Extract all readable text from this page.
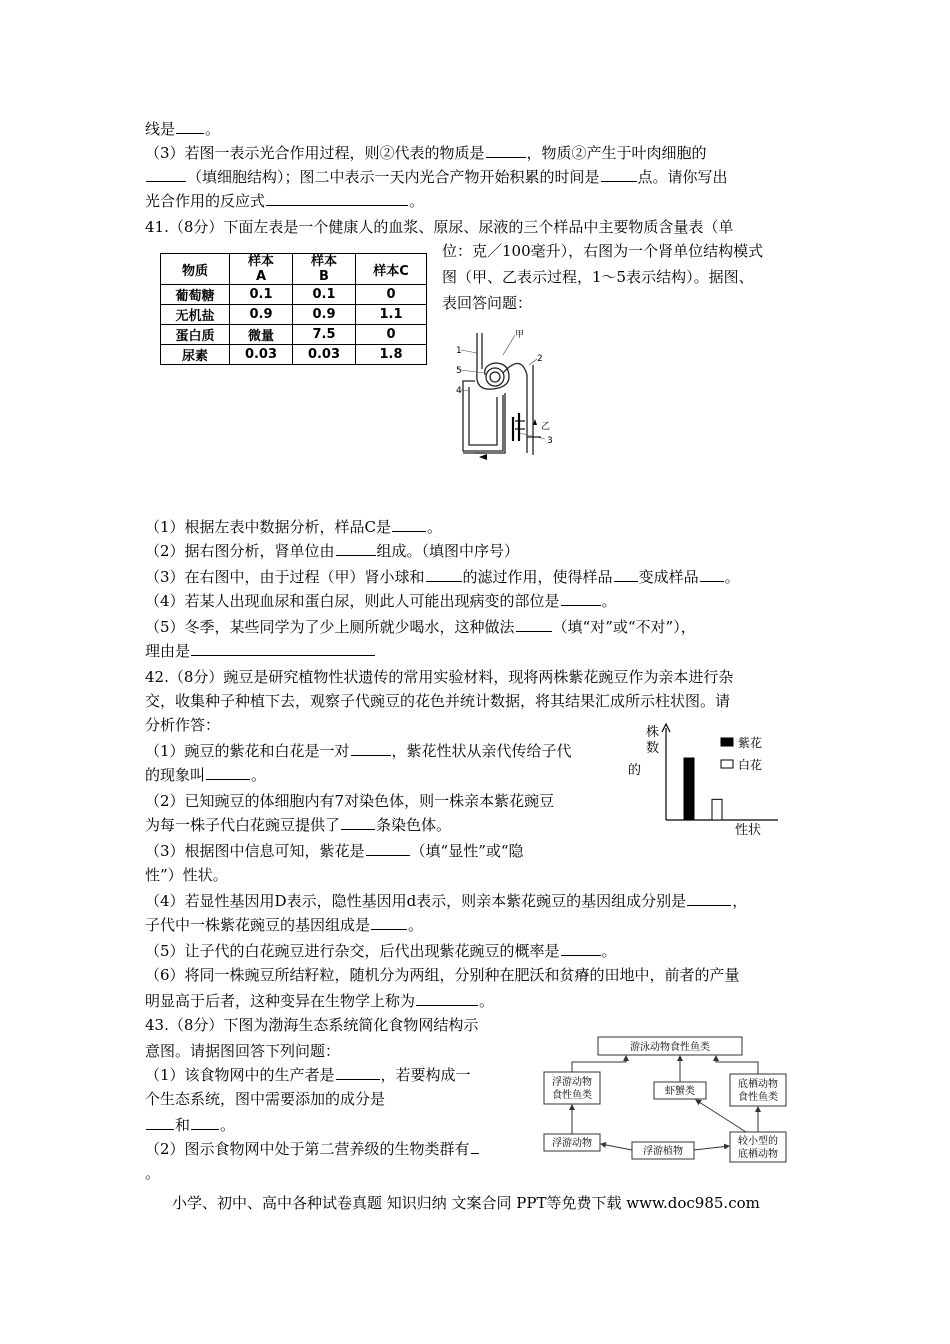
线是 。
（3）若图一表示光合作用过程，则②代表的物质是	，物质②产生于叶肉细胞的
（填细胞结构）；图二中表示一天内光合产物开始积累的时间是	点。请你写出
光合作用的反应式	。
41.（8分）下面左表是一个健康人的血浆、原尿、尿液的三个样品中主要物质含量表（单
位：克／100毫升），右图为一个肾单位结构模式
图（甲、乙表示过程，1～5表示结构）。据图、
表回答问题：
物质	样本A	样本B	样本C
葡萄糖	0.1	0.1	0
无机盐	0.9	0.9	1.1
蛋白质	微量	7.5	0
尿素	0.03	0.03	1.8
甲
1
2
3
4
5
乙
（1）根据左表中数据分析，样品C是 。
（2）据右图分析，肾单位由	组成。（填图中序号）
（3）在右图中，由于过程（甲）肾小球和	的滤过作用，使得样品 变成样品 。
（4）若某人出现血尿和蛋白尿，则此人可能出现病变的部位是	。
（5）冬季，某些同学为了少上厕所就少喝水，这种做法	（填“对”或“不对”），
理由是
42.（8分）豌豆是研究植物性状遗传的常用实验材料，现将两株紫花豌豆作为亲本进行杂
交，收集种子种植下去，观察子代豌豆的花色并统计数据，将其结果汇成所示柱状图。请
分析作答：
（1）豌豆的紫花和白花是一对	，紫花性状从亲代传给子代
的现象叫	。
（2）已知豌豆的体细胞内有7对染色体，则一株亲本紫花豌豆
为每一株子代白花豌豆提供了 条染色体。
（3）根据图中信息可知，紫花是	（填“显性”或“隐
性”）性状。
的
株
数	紫花
白花
性状
（4）若显性基因用D表示，隐性基因用d表示，则亲本紫花豌豆的基因组成分别是	，
子代中一株紫花豌豆的基因组成是	。
（5）让子代的白花豌豆进行杂交，后代出现紫花豌豆的概率是	。
（6）将同一株豌豆所结籽粒，随机分为两组，分别种在肥沃和贫瘠的田地中，前者的产量
明显高于后者，这种变异在生物学上称为	。
43.（8分）下图为渤海生态系统简化食物网结构示
意图。请据图回答下列问题：
（1）该食物网中的生产者是	，若要构成一
个生态系统，图中需要添加的成分是
和 。
（2）图示食物网中处于第二营养级的生物类群有
。
游泳动物食性鱼类
浮游动物
食性鱼类	虾蟹类
底栖动物
食性鱼类
浮游动物
浮游植物
较小型的
底栖动物
小学、初中、高中各种试卷真题 知识归纳 文案合同 PPT等免费下载 www.doc985.com
